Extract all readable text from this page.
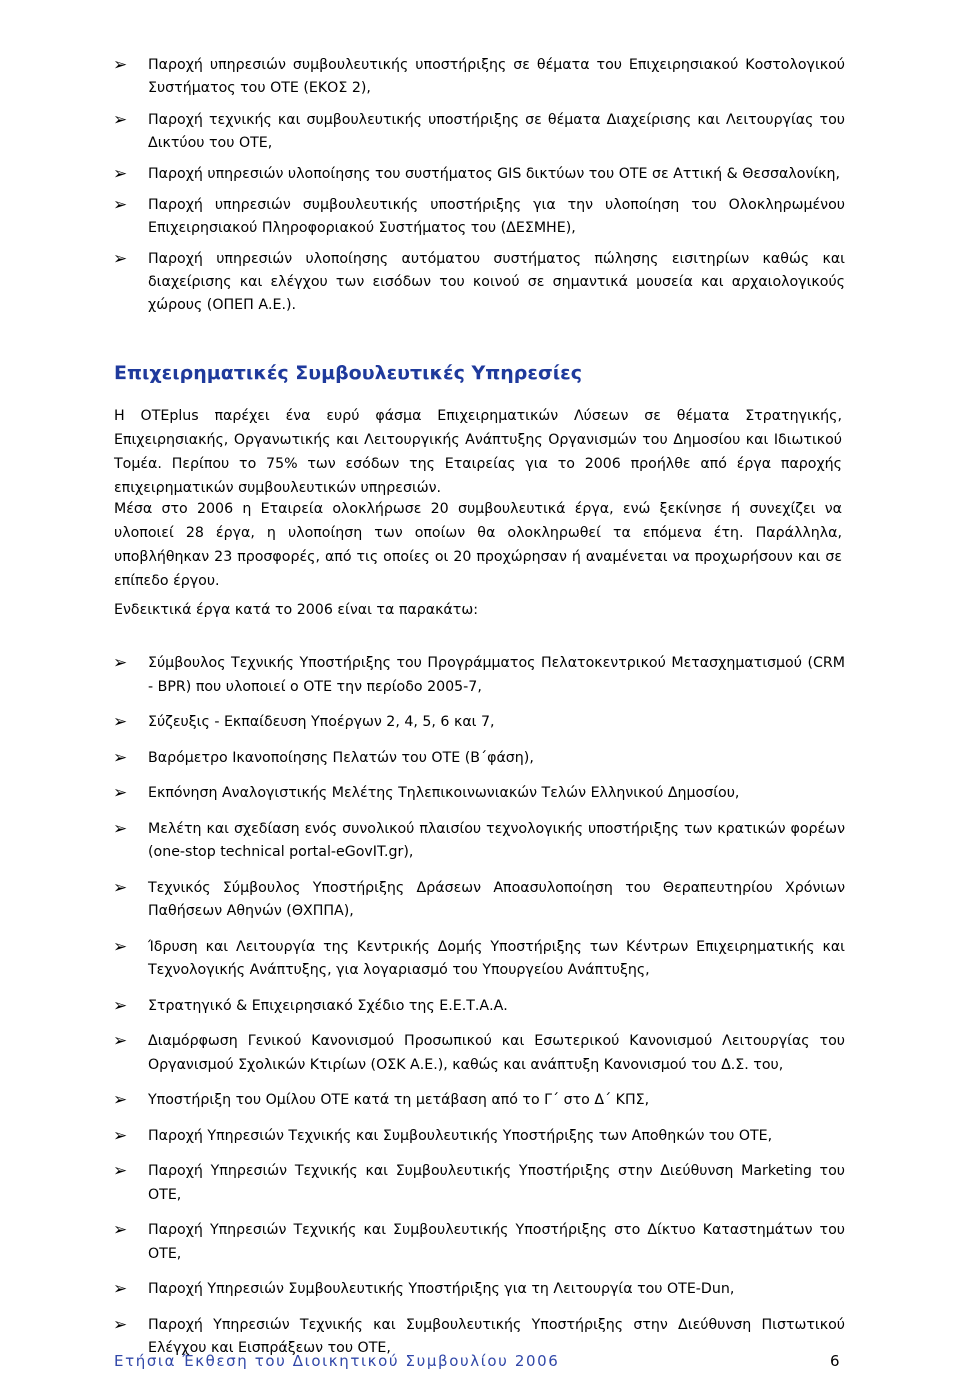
➢ Παροχή υπηρεσιών συμβουλευτικής υποστήριξης σε θέματα του Επιχειρησιακού Κοστολογικού Συστήματος του ΟΤΕ (ΕΚΟΣ 2),
➢ Παροχή τεχνικής και συμβουλευτικής υποστήριξης σε θέματα Διαχείρισης και Λειτουργίας του Δικτύου του ΟΤΕ,
➢ Παροχή υπηρεσιών υλοποίησης του συστήματος GIS δικτύων του ΟΤΕ σε Αττική & Θεσσαλονίκη,
➢ Παροχή υπηρεσιών συμβουλευτικής υποστήριξης για την υλοποίηση του Ολοκληρωμένου Επιχειρησιακού Πληροφοριακού Συστήματος του (ΔΕΣΜΗΕ),
➢ Παροχή υπηρεσιών υλοποίησης αυτόματου συστήματος πώλησης εισιτηρίων καθώς και διαχείρισης και ελέγχου των εισόδων του κοινού σε σημαντικά μουσεία και αρχαιολογικούς χώρους (ΟΠΕΠ Α.Ε.).
Επιχειρηματικές Συμβουλευτικές Υπηρεσίες

Η ΟΤΕplus παρέχει ένα ευρύ φάσμα Επιχειρηματικών Λύσεων σε θέματα Στρατηγικής, Επιχειρησιακής, Οργανωτικής και Λειτουργικής Ανάπτυξης Οργανισμών του Δημοσίου και Ιδιωτικού Τομέα. Περίπου το 75% των εσόδων της Εταιρείας για το 2006 προήλθε από έργα παροχής επιχειρηματικών συμβουλευτικών υπηρεσιών.

Μέσα στο 2006 η Εταιρεία ολοκλήρωσε 20 συμβουλευτικά έργα, ενώ ξεκίνησε ή συνεχίζει να υλοποιεί 28 έργα, η υλοποίηση των οποίων θα ολοκληρωθεί τα επόμενα έτη. Παράλληλα, υποβλήθηκαν 23 προσφορές, από τις οποίες οι 20 προχώρησαν ή αναμένεται να προχωρήσουν και σε επίπεδο έργου.

Ενδεικτικά έργα κατά το 2006 είναι τα παρακάτω:

➢ Σύμβουλος Τεχνικής Υποστήριξης του Προγράμματος Πελατοκεντρικού Μετασχηματισμού (CRM - BPR) που υλοποιεί ο ΟΤΕ την περίοδο 2005-7,
➢ Σύζευξις - Εκπαίδευση Υποέργων 2, 4, 5, 6 και 7,
➢ Βαρόμετρο Ικανοποίησης Πελατών του ΟΤΕ (Β΄φάση),
➢ Εκπόνηση Αναλογιστικής Μελέτης Τηλεπικοινωνιακών Τελών Ελληνικού Δημοσίου,
➢ Μελέτη και σχεδίαση ενός συνολικού πλαισίου τεχνολογικής υποστήριξης των κρατικών φορέων (one-stop technical portal-eGovIT.gr),
➢ Τεχνικός Σύμβουλος Υποστήριξης Δράσεων Αποασυλοποίηση του Θεραπευτηρίου Χρόνιων Παθήσεων Αθηνών (ΘΧΠΠΑ),
➢ Ίδρυση και Λειτουργία της Κεντρικής Δομής Υποστήριξης των Κέντρων Επιχειρηματικής και Τεχνολογικής Ανάπτυξης, για λογαριασμό του Υπουργείου Ανάπτυξης,
➢ Στρατηγικό & Επιχειρησιακό Σχέδιο της Ε.Ε.Τ.Α.Α.
➢ Διαμόρφωση Γενικού Κανονισμού Προσωπικού και Εσωτερικού Κανονισμού Λειτουργίας του Οργανισμού Σχολικών Κτιρίων (ΟΣΚ Α.Ε.), καθώς και ανάπτυξη Κανονισμού του Δ.Σ. του,
➢ Υποστήριξη του Ομίλου ΟΤΕ κατά τη μετάβαση από το Γ΄ στο Δ΄ ΚΠΣ,
➢ Παροχή Υπηρεσιών Τεχνικής και Συμβουλευτικής Υποστήριξης των Αποθηκών του ΟΤΕ,
➢ Παροχή Υπηρεσιών Τεχνικής και Συμβουλευτικής Υποστήριξης στην Διεύθυνση Marketing του ΟΤΕ,
➢ Παροχή Υπηρεσιών Τεχνικής και Συμβουλευτικής Υποστήριξης στο Δίκτυο Καταστημάτων του ΟΤΕ,
➢ Παροχή Υπηρεσιών Συμβουλευτικής Υποστήριξης για τη Λειτουργία του ΟΤΕ-Dun,
➢ Παροχή Υπηρεσιών Τεχνικής και Συμβουλευτικής Υποστήριξης στην Διεύθυνση Πιστωτικού Ελέγχου και Εισπράξεων του ΟΤΕ,
Ετήσια Έκθεση του Διοικητικού Συμβουλίου 2006	6
